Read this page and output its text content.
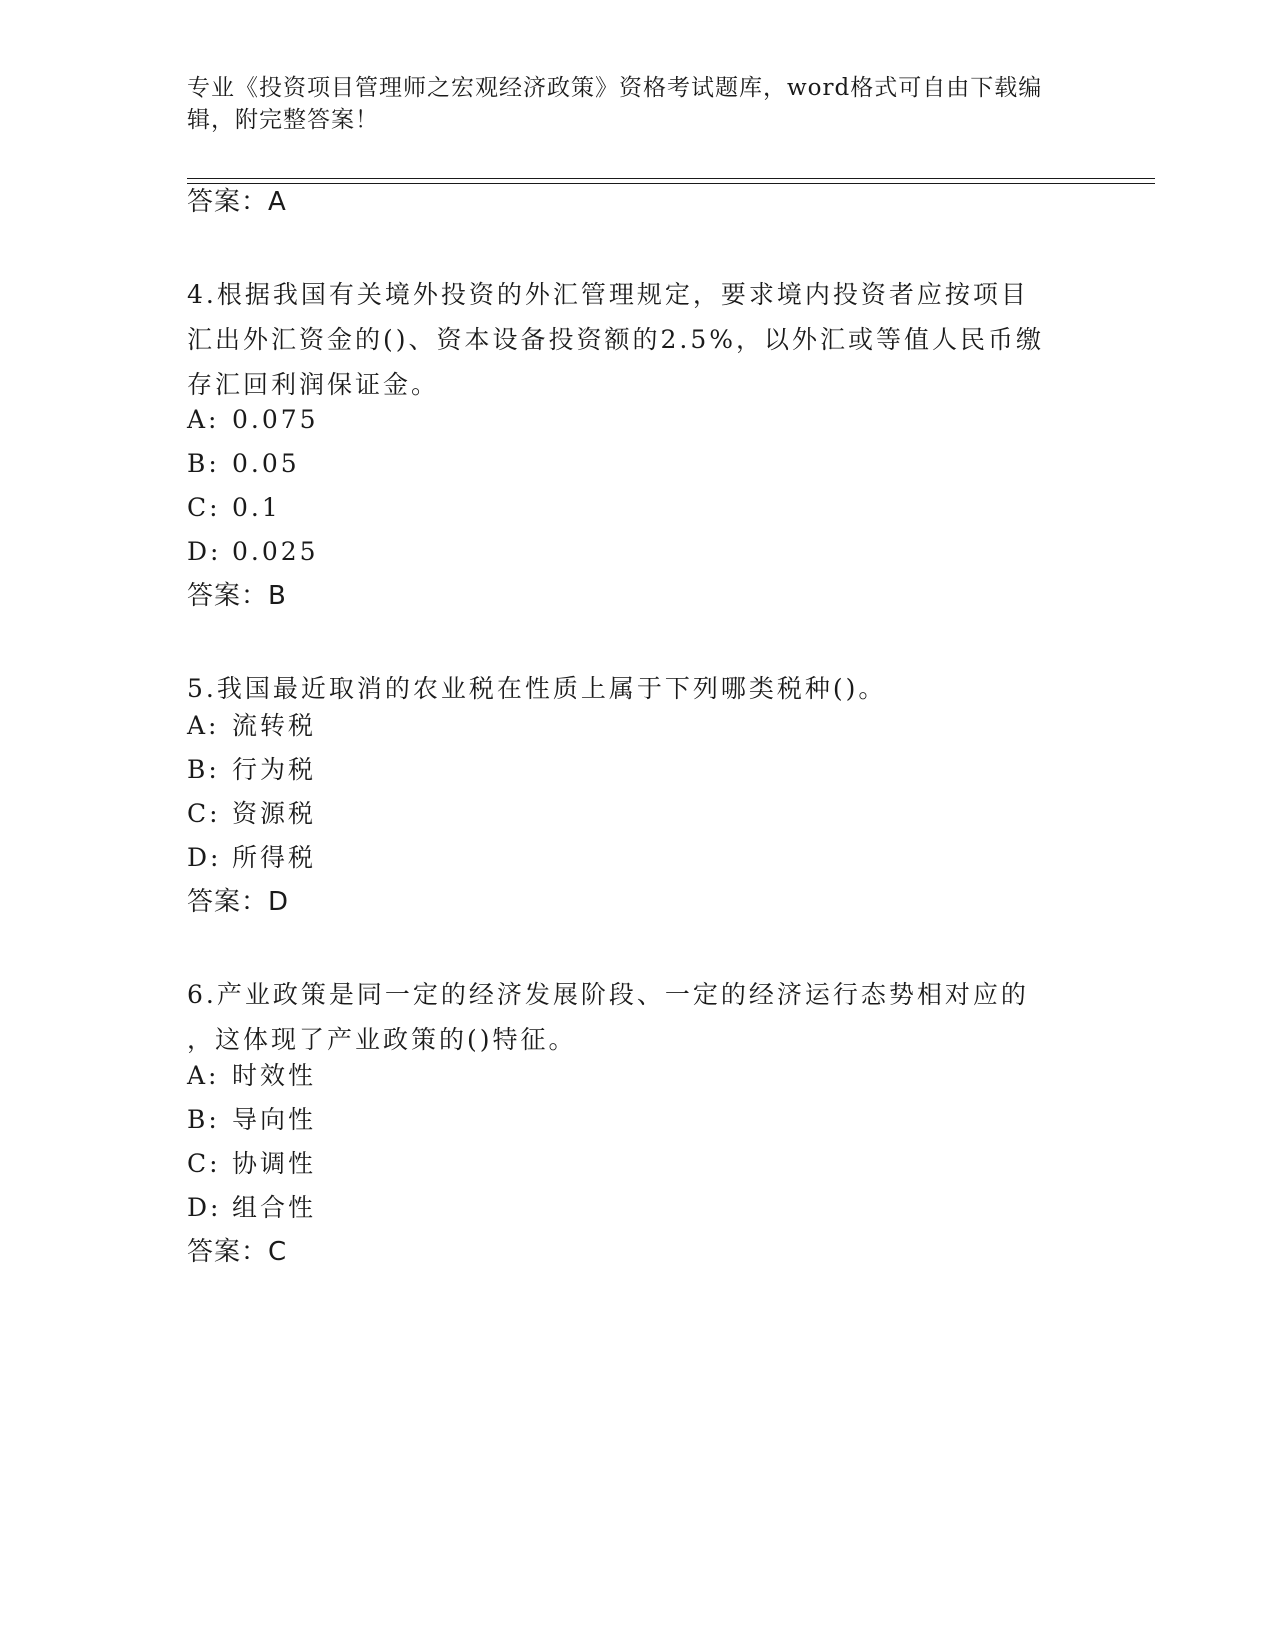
专业《投资项目管理师之宏观经济政策》资格考试题库，word格式可自由下载编
辑，附完整答案！
答案：A
4.根据我国有关境外投资的外汇管理规定，要求境内投资者应按项目
汇出外汇资金的()、资本设备投资额的2.5%，以外汇或等值人民币缴
存汇回利润保证金。
A: 0.075
B: 0.05
C: 0.1
D: 0.025
答案：B
5.我国最近取消的农业税在性质上属于下列哪类税种()。
A: 流转税
B: 行为税
C: 资源税
D: 所得税
答案：D
6.产业政策是同一定的经济发展阶段、一定的经济运行态势相对应的
，这体现了产业政策的()特征。
A: 时效性
B: 导向性
C: 协调性
D: 组合性
答案：C
